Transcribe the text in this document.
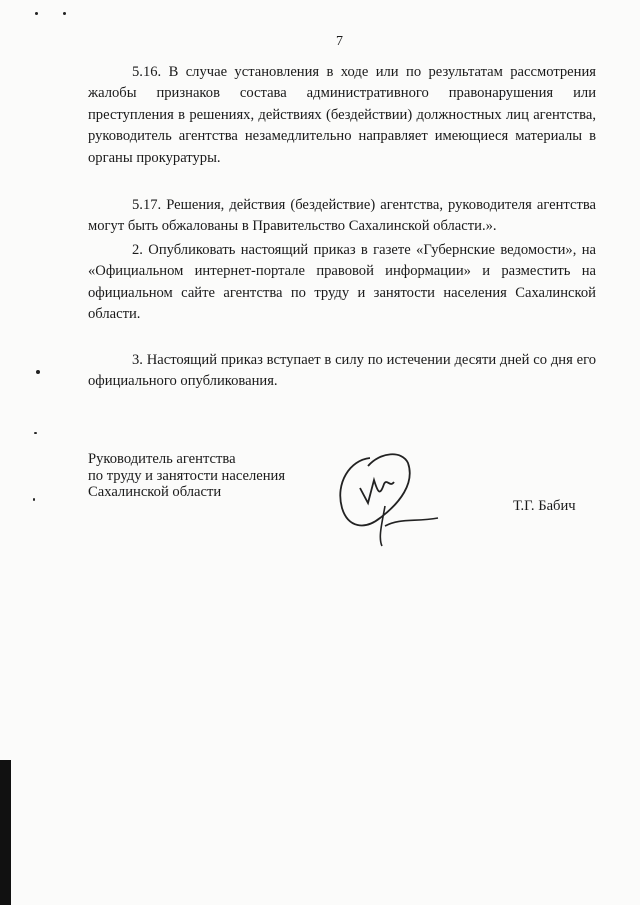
7

5.16. В случае установления в ходе или по результатам рассмотрения жалобы признаков состава административного правонарушения или преступления в решениях, действиях (бездействии) должностных лиц агентства, руководитель агентства незамедлительно направляет имеющиеся материалы в органы прокуратуры.

5.17. Решения, действия (бездействие) агентства, руководителя агентства могут быть обжалованы в Правительство Сахалинской области.».

2. Опубликовать настоящий приказ в газете «Губернские ведомости», на «Официальном интернет-портале правовой информации» и разместить на официальном сайте агентства по труду и занятости населения Сахалинской области.

3. Настоящий приказ вступает в силу по истечении десяти дней со дня его официального опубликования.

Руководитель агентства
по труду и занятости населения
Сахалинской области
Т.Г. Бабич
